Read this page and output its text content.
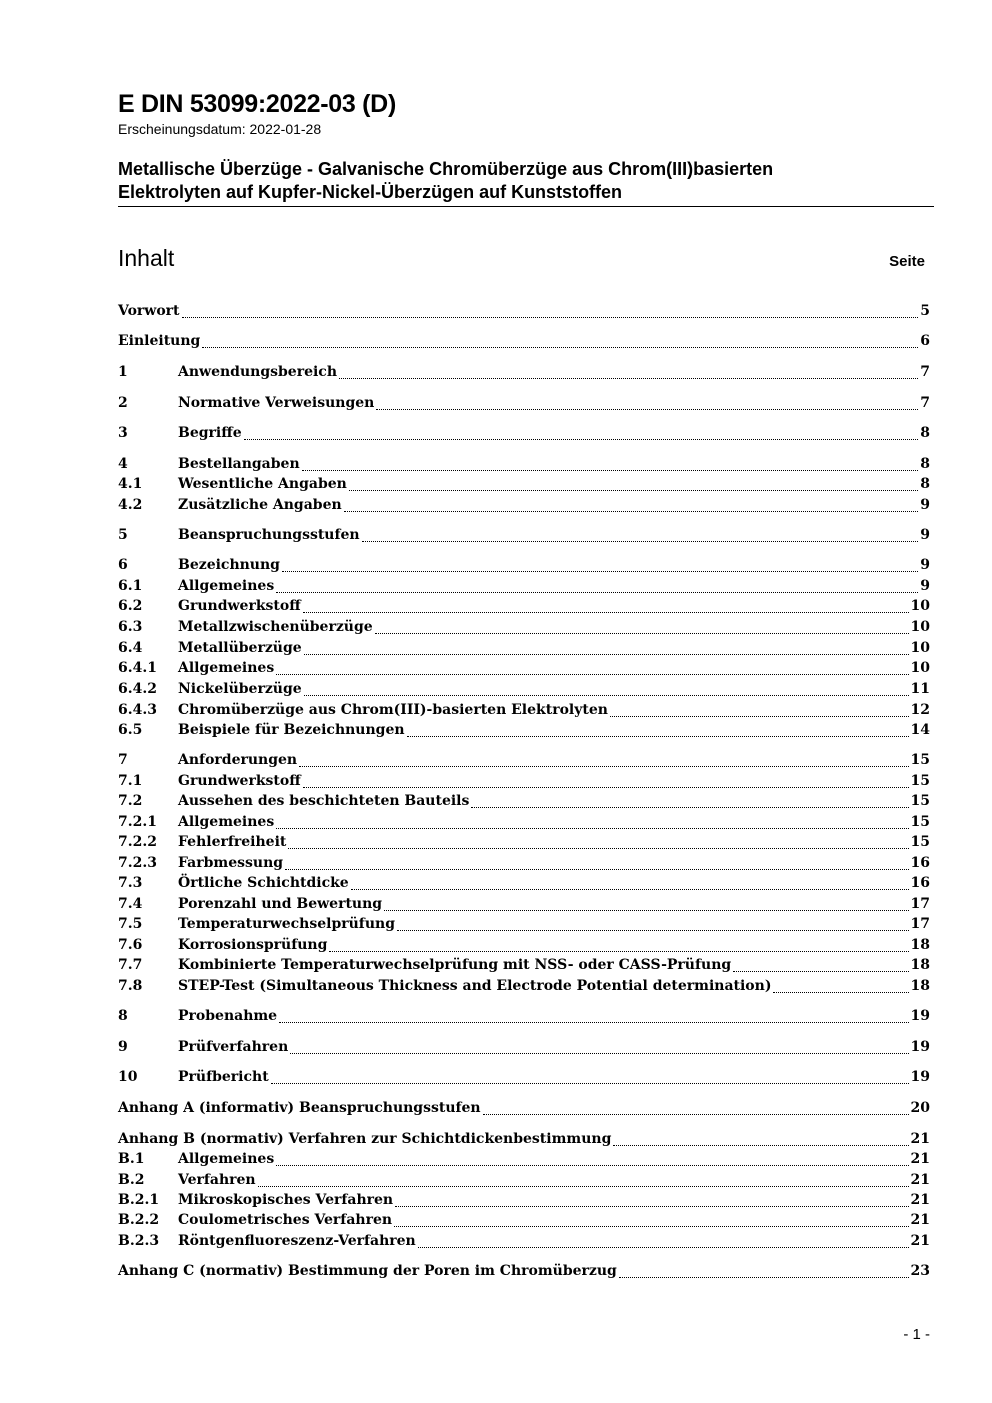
E DIN 53099:2022-03 (D)
Erscheinungsdatum: 2022-01-28
Metallische Überzüge - Galvanische Chromüberzüge aus Chrom(III)basierten
Elektrolyten auf Kupfer-Nickel-Überzügen auf Kunststoffen
Inhalt	Seite
Vorwort	5
Einleitung	6
1	Anwendungsbereich	7
2	Normative Verweisungen	7
3	Begriffe	8
4	Bestellangaben	8
4.1	Wesentliche Angaben	8
4.2	Zusätzliche Angaben	9
5	Beanspruchungsstufen	9
6	Bezeichnung	9
6.1	Allgemeines	9
6.2	Grundwerkstoff	10
6.3	Metallzwischenüberzüge	10
6.4	Metallüberzüge	10
6.4.1	Allgemeines	10
6.4.2	Nickelüberzüge	11
6.4.3	Chromüberzüge aus Chrom(III)-basierten Elektrolyten	12
6.5	Beispiele für Bezeichnungen	14
7	Anforderungen	15
7.1	Grundwerkstoff	15
7.2	Aussehen des beschichteten Bauteils	15
7.2.1	Allgemeines	15
7.2.2	Fehlerfreiheit	15
7.2.3	Farbmessung	16
7.3	Örtliche Schichtdicke	16
7.4	Porenzahl und Bewertung	17
7.5	Temperaturwechselprüfung	17
7.6	Korrosionsprüfung	18
7.7	Kombinierte Temperaturwechselprüfung mit NSS- oder CASS-Prüfung	18
7.8	STEP-Test (Simultaneous Thickness and Electrode Potential determination)	18
8	Probenahme	19
9	Prüfverfahren	19
10	Prüfbericht	19
Anhang A (informativ) Beanspruchungsstufen	20
Anhang B (normativ) Verfahren zur Schichtdickenbestimmung	21
B.1	Allgemeines	21
B.2	Verfahren	21
B.2.1	Mikroskopisches Verfahren	21
B.2.2	Coulometrisches Verfahren	21
B.2.3	Röntgenfluoreszenz-Verfahren	21
Anhang C (normativ) Bestimmung der Poren im Chromüberzug	23
- 1 -
